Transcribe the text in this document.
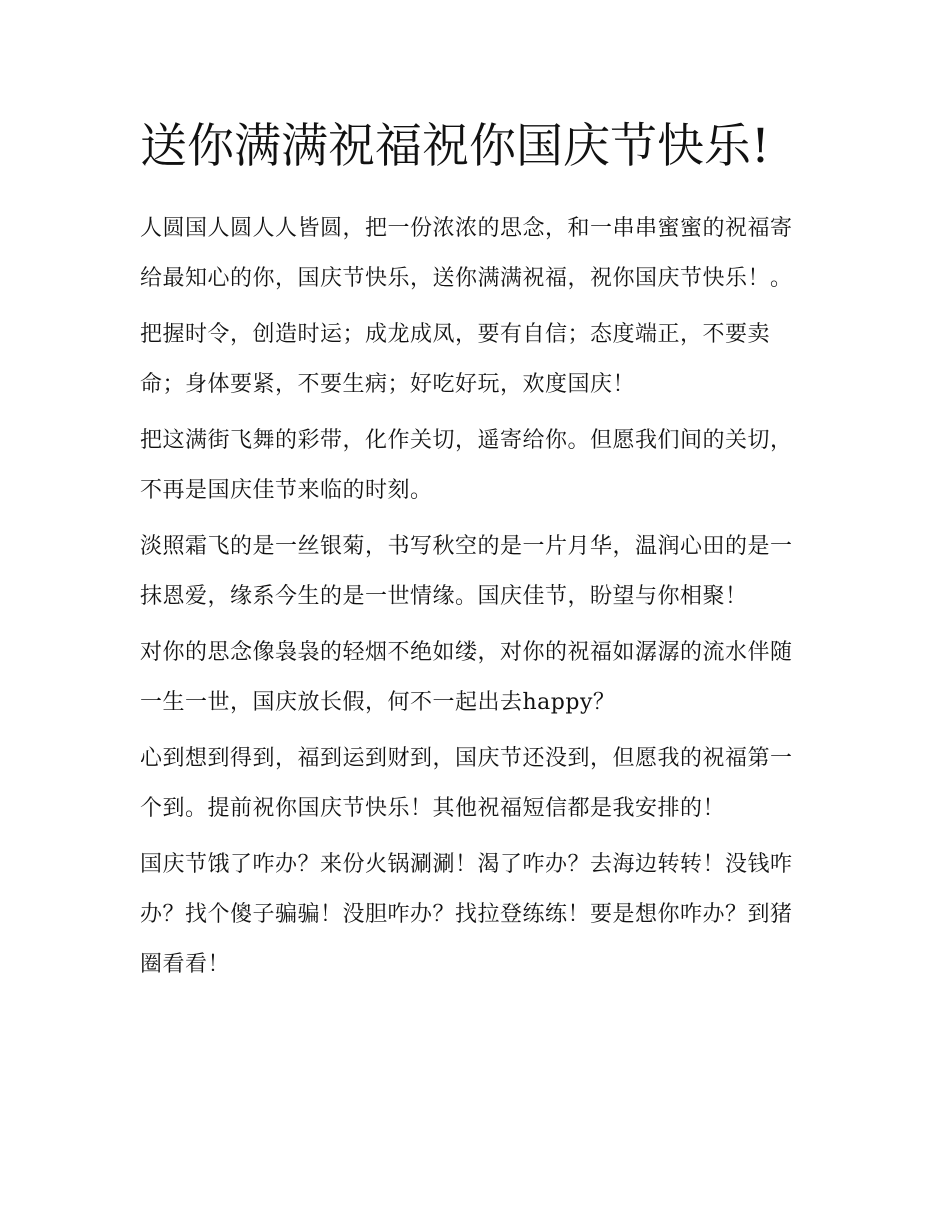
送你满满祝福祝你国庆节快乐!

人圆国人圆人人皆圆，把一份浓浓的思念，和一串串蜜蜜的祝福寄给最知心的你，国庆节快乐，送你满满祝福，祝你国庆节快乐！。

把握时令，创造时运；成龙成凤，要有自信；态度端正，不要卖命；身体要紧，不要生病；好吃好玩，欢度国庆！

把这满街飞舞的彩带，化作关切，遥寄给你。但愿我们间的关切，不再是国庆佳节来临的时刻。

淡照霜飞的是一丝银菊，书写秋空的是一片月华，温润心田的是一抹恩爱，缘系今生的是一世情缘。国庆佳节，盼望与你相聚！

对你的思念像袅袅的轻烟不绝如缕，对你的祝福如潺潺的流水伴随一生一世，国庆放长假，何不一起出去happy？

心到想到得到，福到运到财到，国庆节还没到，但愿我的祝福第一个到。提前祝你国庆节快乐！其他祝福短信都是我安排的！

国庆节饿了咋办？来份火锅涮涮！渴了咋办？去海边转转！没钱咋办？找个傻子骗骗！没胆咋办？找拉登练练！要是想你咋办？到猪圈看看！
